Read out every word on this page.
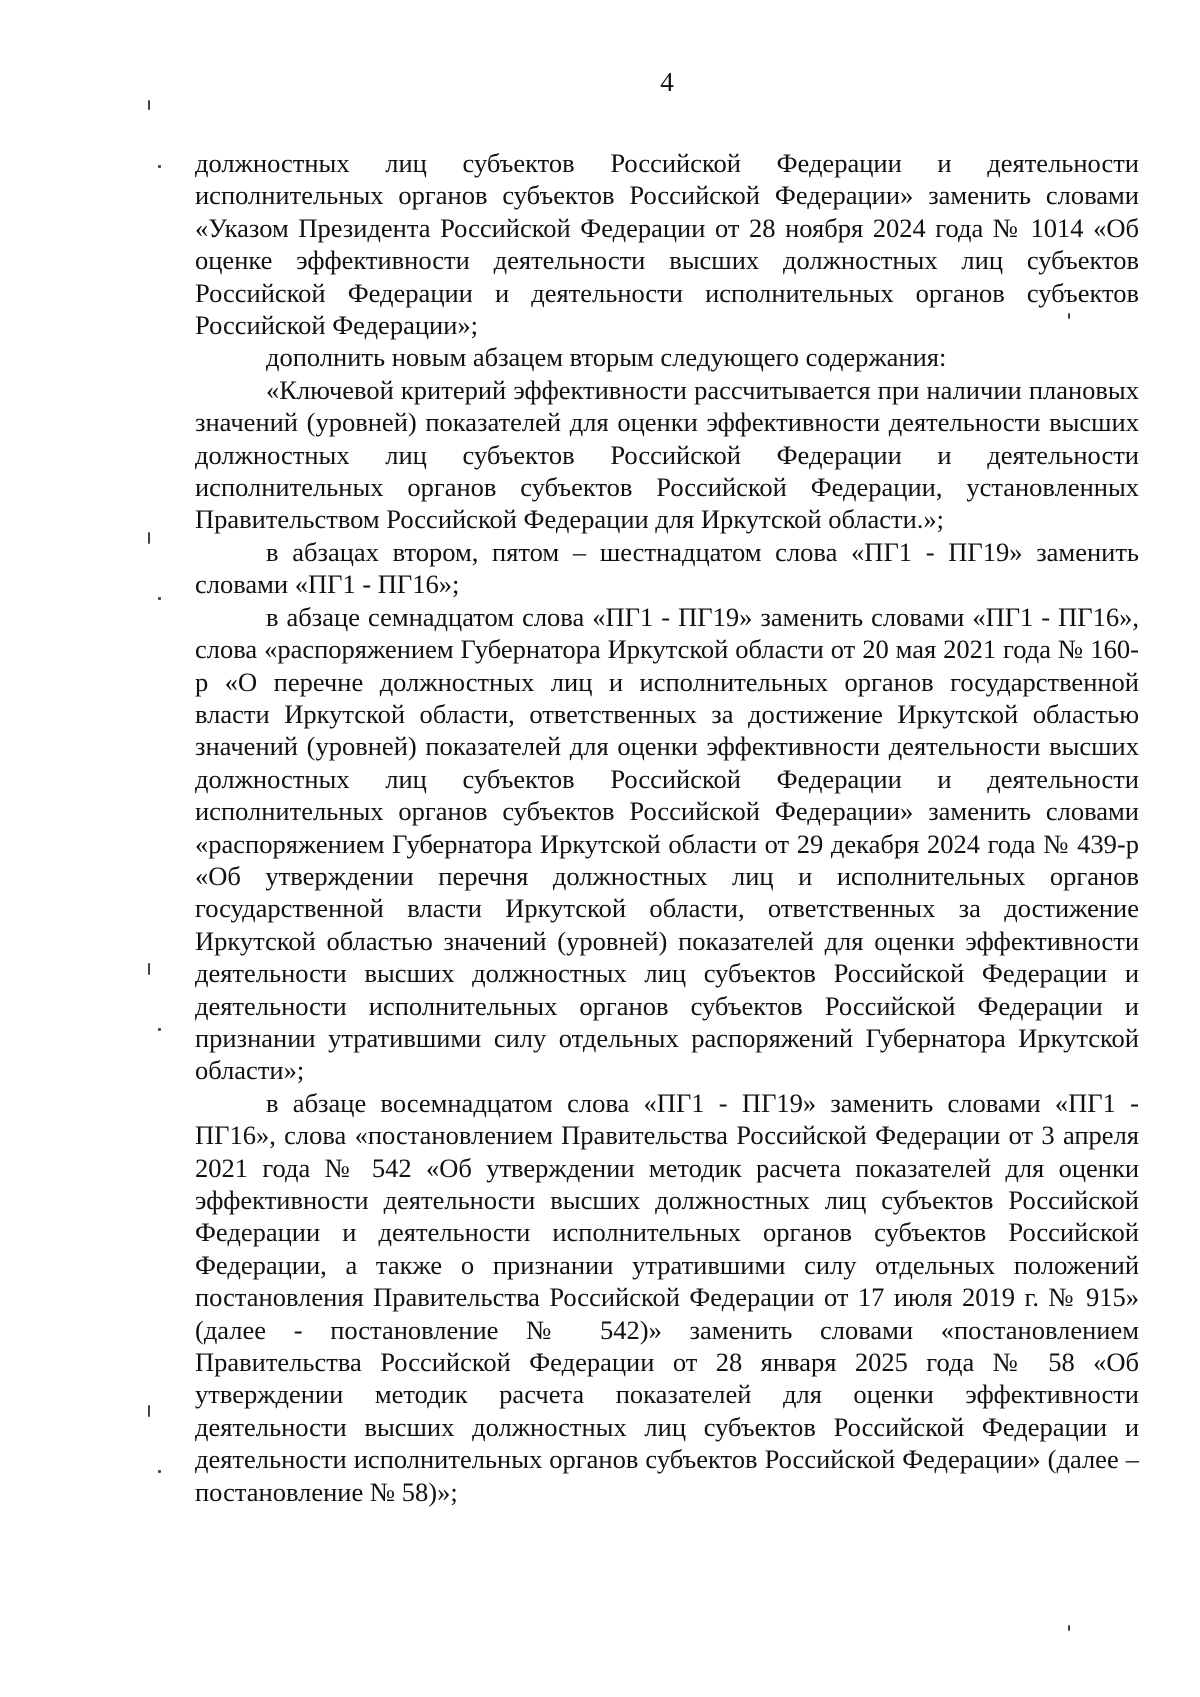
4

должностных лиц субъектов Российской Федерации и деятельности исполнительных органов субъектов Российской Федерации» заменить словами «Указом Президента Российской Федерации от 28 ноября 2024 года № 1014 «Об оценке эффективности деятельности высших должностных лиц субъектов Российской Федерации и деятельности исполнительных органов субъектов Российской Федерации»;

дополнить новым абзацем вторым следующего содержания:

«Ключевой критерий эффективности рассчитывается при наличии плановых значений (уровней) показателей для оценки эффективности деятельности высших должностных лиц субъектов Российской Федерации и деятельности исполнительных органов субъектов Российской Федерации, установленных Правительством Российской Федерации для Иркутской области.»;

в абзацах втором, пятом – шестнадцатом слова «ПГ1 - ПГ19» заменить словами «ПГ1 - ПГ16»;

в абзаце семнадцатом слова «ПГ1 - ПГ19» заменить словами «ПГ1 - ПГ16», слова «распоряжением Губернатора Иркутской области от 20 мая 2021 года № 160-р «О перечне должностных лиц и исполнительных органов государственной власти Иркутской области, ответственных за достижение Иркутской областью значений (уровней) показателей для оценки эффективности деятельности высших должностных лиц субъектов Российской Федерации и деятельности исполнительных органов субъектов Российской Федерации» заменить словами «распоряжением Губернатора Иркутской области от 29 декабря 2024 года № 439-р «Об утверждении перечня должностных лиц и исполнительных органов государственной власти Иркутской области, ответственных за достижение Иркутской областью значений (уровней) показателей для оценки эффективности деятельности высших должностных лиц субъектов Российской Федерации и деятельности исполнительных органов субъектов Российской Федерации и признании утратившими силу отдельных распоряжений Губернатора Иркутской области»;

в абзаце восемнадцатом слова «ПГ1 - ПГ19» заменить словами «ПГ1 - ПГ16», слова «постановлением Правительства Российской Федерации от 3 апреля 2021 года № 542 «Об утверждении методик расчета показателей для оценки эффективности деятельности высших должностных лиц субъектов Российской Федерации и деятельности исполнительных органов субъектов Российской Федерации, а также о признании утратившими силу отдельных положений постановления Правительства Российской Федерации от 17 июля 2019 г. № 915» (далее - постановление № 542)» заменить словами «постановлением Правительства Российской Федерации от 28 января 2025 года № 58 «Об утверждении методик расчета показателей для оценки эффективности деятельности высших должностных лиц субъектов Российской Федерации и деятельности исполнительных органов субъектов Российской Федерации» (далее – постановление № 58)»;
